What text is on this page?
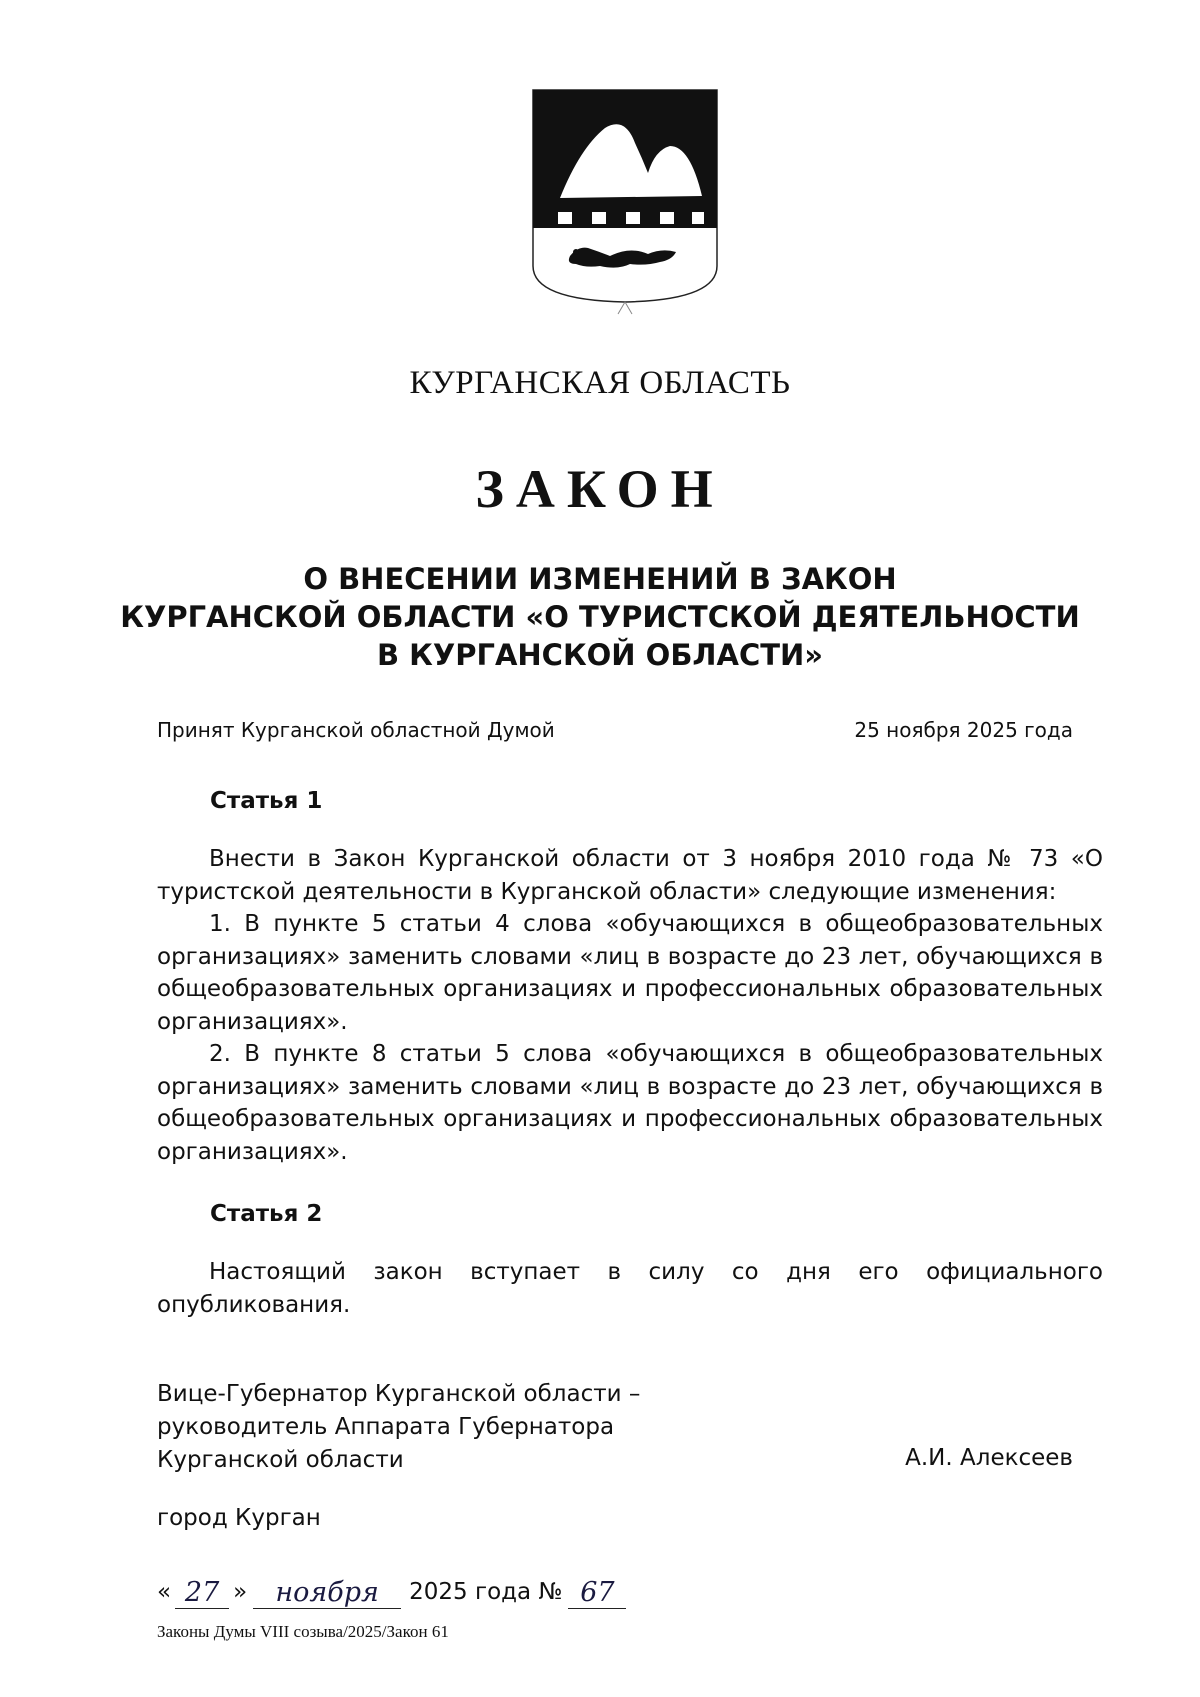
КУРГАНСКАЯ ОБЛАСТЬ
ЗАКОН
О ВНЕСЕНИИ ИЗМЕНЕНИЙ В ЗАКОН
КУРГАНСКОЙ ОБЛАСТИ «О ТУРИСТСКОЙ ДЕЯТЕЛЬНОСТИ
В КУРГАНСКОЙ ОБЛАСТИ»
Принят Курганской областной Думой	25 ноября 2025 года
Статья 1

Внести в Закон Курганской области от 3 ноября 2010 года № 73 «О туристской деятельности в Курганской области» следующие изменения:

1. В пункте 5 статьи 4 слова «обучающихся в общеобразовательных организациях» заменить словами «лиц в возрасте до 23 лет, обучающихся в общеобразовательных организациях и профессиональных образовательных организациях».

2. В пункте 8 статьи 5 слова «обучающихся в общеобразовательных организациях» заменить словами «лиц в возрасте до 23 лет, обучающихся в общеобразовательных организациях и профессиональных образовательных организациях».

Статья 2

Настоящий закон вступает в силу со дня его официального опубликования.

Вице-Губернатор Курганской области –
руководитель Аппарата Губернатора
Курганской области	А.И. Алексеев
город Курган
« 27 »	ноября	2025 года № 67
Законы Думы VIII созыва/2025/Закон 61
